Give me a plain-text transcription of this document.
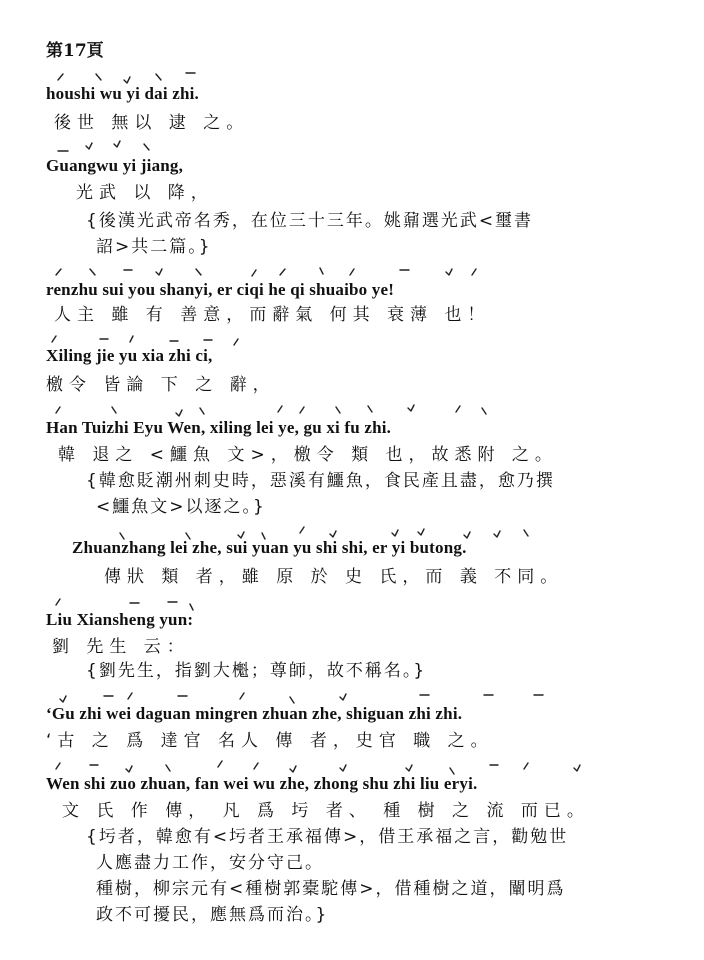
第17頁
houshi wu yi dai zhi.
後世 無以 逮 之。
Guangwu yi jiang,
光武 以 降，
{後漢光武帝名秀，在位三十三年。姚鼐選光武<璽書
詔>共二篇。}
renzhu sui you shanyi, er ciqi he qi shuaibo ye!
人主 雖 有 善意，而辭氣 何其 衰薄 也！
Xiling jie yu xia zhi ci,
檄令 皆論 下 之 辭，
Han Tuizhi Eyu Wen, xiling lei ye, gu xi fu zhi.
韓 退之 <鱷魚 文>，檄令 類 也，故悉附 之。
{韓愈貶潮州刺史時，惡溪有鱷魚，食民產且盡，愈乃撰
<鱷魚文>以逐之。}
Zhuanzhang lei zhe, sui yuan yu shi shi, er yi butong.
傳狀 類 者，雖 原 於 史 氏，而 義 不同。
Liu Xiansheng yun:
劉 先生 云：
{劉先生，指劉大櫆；尊師，故不稱名。}
‘Gu zhi wei daguan mingren zhuan zhe, shiguan zhi zhi.
‘古 之 爲 達官 名人 傳 者，史官 職 之。
Wen shi zuo zhuan, fan wei wu zhe, zhong shu zhi liu eryi.
文 氏 作 傳， 凡 爲 圬 者、 種 樹 之 流 而已。
{圬者，韓愈有<圬者王承福傳>，借王承福之言，勸勉世
人應盡力工作，安分守己。
種樹，柳宗元有<種樹郭橐駝傳>，借種樹之道，闡明爲
政不可擾民，應無爲而治。}
